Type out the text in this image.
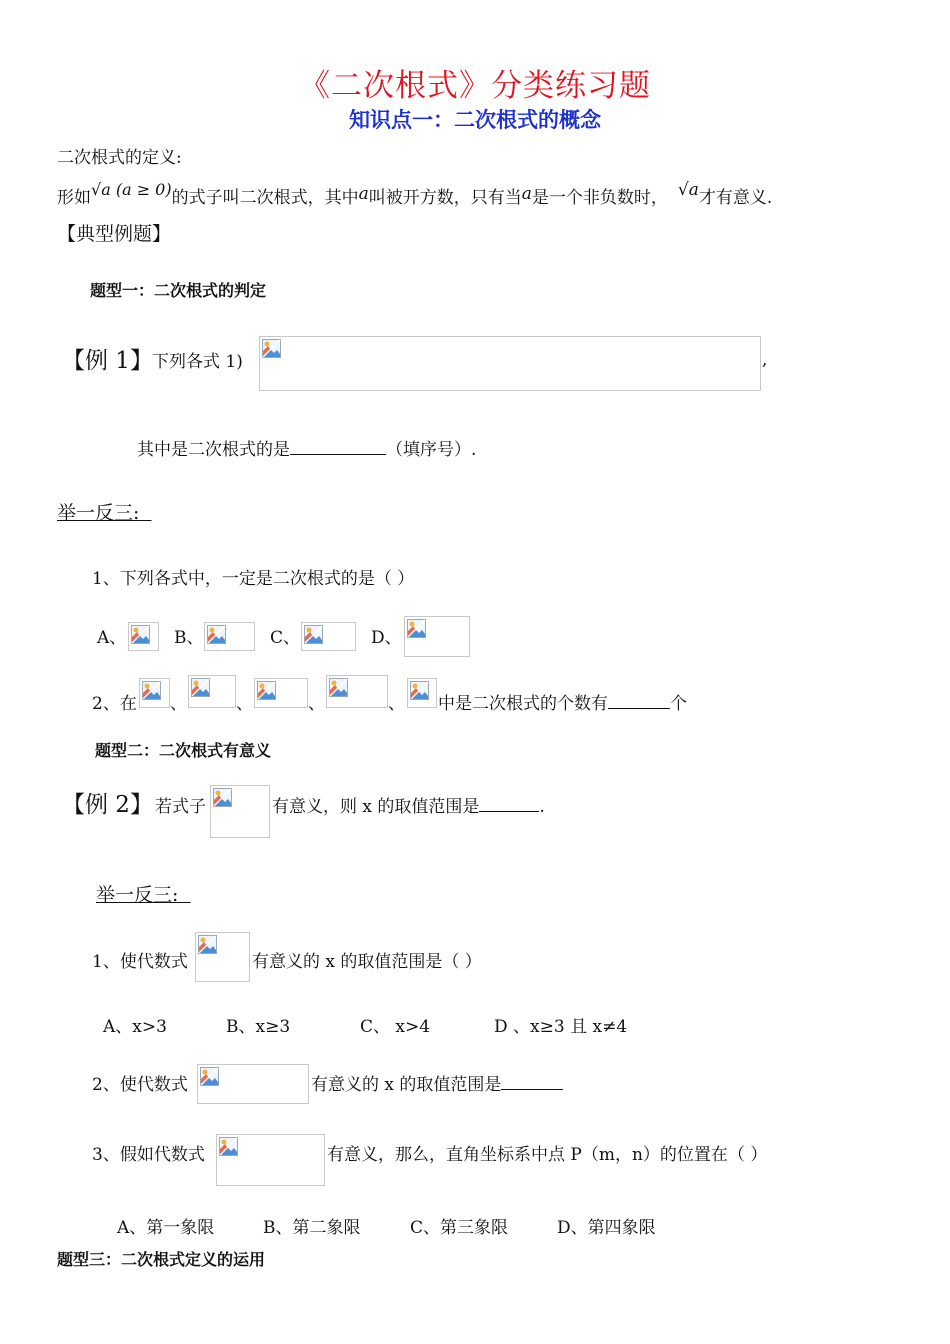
《二次根式》分类练习题
知识点一：二次根式的概念
二次根式的定义:
形如√a (a ≥ 0)的式子叫二次根式，其中a叫被开方数，只有当a是一个非负数时， √a才有意义.
【典型例题】
题型一：二次根式的判定
【例 1】 下列各式 1)	,
其中是二次根式的是	（填序号）.
举一反三:
1、下列各式中，一定是二次根式的是（ ）
A、	B、	C、	D、
2、在 、	、	、	、 中是二次根式的个数有	个
题型二：二次根式有意义
【例 2】 若式子	有意义，则 x 的取值范围是	.
举一反三:
1、使代数式	有意义的 x 的取值范围是（ ）
A、x>3	B、x≥3	C、 x>4	D 、x≥3 且 x≠4
2、使代数式	有意义的 x 的取值范围是
3、假如代数式	有意义，那么，直角坐标系中点 P（m，n）的位置在（ ）
A、第一象限	B、第二象限	C、第三象限	D、第四象限
题型三：二次根式定义的运用
